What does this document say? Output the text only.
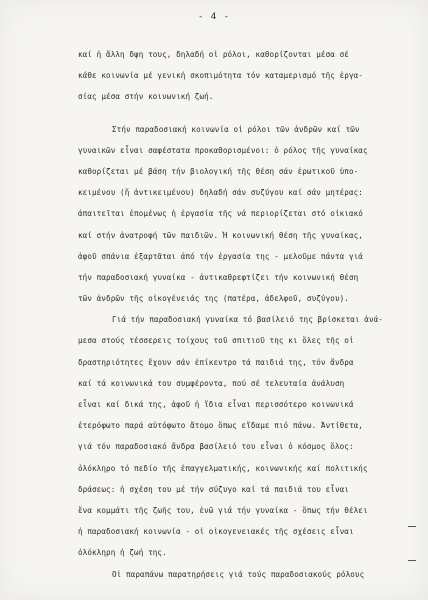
- 4 -
καί ἡ ἄλλη δψη τους, δηλαδή οἱ ρόλοι, καθορίζονται μέσα σέ
κάθε κοινωνία μέ γενική σκοπιμότητα τόν καταμερισμό τῆς ἐργα-
σίας μέσα στήν κοινωνική ζωή.
Στήν παραδοσιακή κοινωνία οἱ ρόλοι τῶν ἀνδρῶν καί τῶν
γυναικῶν εἶναι σαφέστατα προκαθορισμένοι: ὁ ρόλος τῆς γυναίκας
καθορίζεται μέ βάση τήν βιολογική τῆς θέση σάν ἐρωτικοῦ ὑπο-
κειμένου (ἤ ἀντικειμένου) δηλαδή σάν συζύγου καί σάν μητέρας:
ἀπαιτεῖται ἑπομένως ἡ ἐργασία τῆς νά περιορίζεται στό οἰκιακό
καί στήν ἀνατροφή τῶν παιδιῶν. Ἡ κοινωνική θέση τῆς γυναίκας,
ἀφοῦ σπάνια ἐξαρτᾶται ἀπό τήν ἐργασία της - μελοῦμε πάντα γιά
τήν παραδοσιακή γυναίκα - ἀντικαθρεφτίζει τήν κοινωνική θέση
τῶν ἀνδρῶν τῆς οἰκογένειάς της (πατέρα, ἀδελφοῦ, συζύγου).
Γιά τήν παραδοσιακή γυναίκα τό βασίλειό της βρίσκεται ἀνά-
μεσα στούς τέσσερεις τοίχους τοῦ σπιτιοῦ της κι ὅλες τῆς οἱ
δραστηριότητες ἔχουν σάν ἐπίκεντρο τά παιδιά της, τόν ἄνδρα
καί τά κοινωνικά του συμφέροντα, πού σέ τελευταία ἀνάλυση
εἶναι καί δικά της, ἀφοῦ ἡ ἴδια εἶναι περισσότερο κοινωνικά
ἑτερόφωτο παρά αὐτόφωτο ἄτομο ὅπως εἴδαμε πιό πάνω. Ἀντίθετα,
γιά τόν παραδοσιακό ἄνδρα βασίλειό του εἶναι ὁ κόσμος ὅλος:
ὁλόκληρο τό πεδίο τῆς ἐπαγγελματικής, κοινωνικής καί πολιτικής
δράσεως: ἡ σχέση του μέ τήν σύζυγο καί τά παιδιά του εἶναι
ἕνα κομμάτι τῆς ζωῆς του, ἐνῶ γιά τήν γυναίκα - ὅπως τήν θέλει
ἡ παραδοσιακή κοινωνία - οἱ οἰκογενειακές τῆς σχέσεις εἶναι
ὁλόκληρη ἡ ζωή της.
Οἱ παραπάνω παρατηρήσεις γιά τούς παραδοσιακούς ρόλους
